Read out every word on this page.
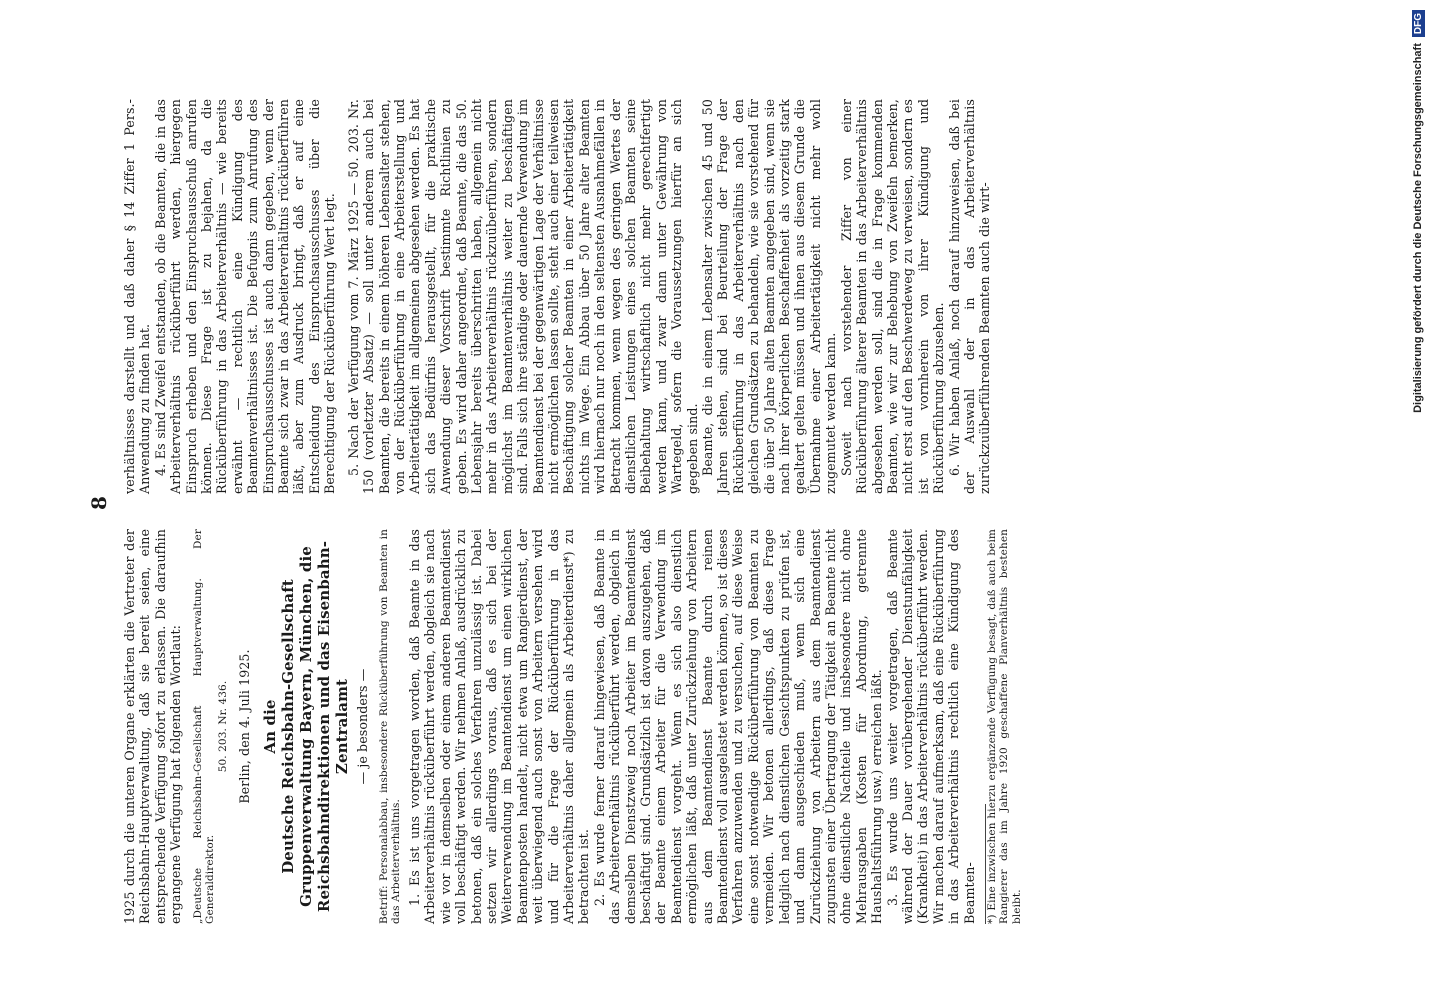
8

1925 durch die unteren Organe erklärten die Vertreter der Reichsbahn-Hauptverwaltung, daß sie bereit seien, eine entsprechende Verfügung sofort zu erlassen. Die daraufhin ergangene Verfügung hat folgenden Wortlaut: „Deutsche Reichsbahn-Gesellschaft Hauptverwaltung. Der Generaldirektor.

50. 203. Nr. 436. Berlin, den 4. Juli 1925. An die Deutsche Reichsbahn-Gesellschaft Gruppenverwaltung Bayern, München, die Reichsbahndirektionen und das Eisenbahn-Zentralamt — je besonders — Betriff: Personalabbau, insbesondere Rücküberführung von Beamten in das Arbeiterverhältnis. 1. Es ist uns vorgetragen worden, daß Beamte in das Arbeiterverhältnis rücküberführt werden, obgleich sie nach wie vor in demselben oder einem anderen Beamtendienst voll beschäftigt werden. Wir nehmen Anlaß, ausdrücklich zu betonen, daß ein solches Verfahren unzulässig ist. Dabei setzen wir allerdings voraus, daß es sich bei der Weiterverwendung im Beamtendienst um einen wirklichen Beamtenposten handelt, nicht etwa um Rangierdienst, der weit überwiegend auch sonst von Arbeitern versehen wird und für die Frage der Rücküberführung in das Arbeiterverhältnis daher allgemein als Arbeiterdienst*) zu betrachten ist. 2. Es wurde ferner darauf hingewiesen, daß Beamte in das Arbeiterverhältnis rücküberführt werden, obgleich in demselben Dienstzweig noch Arbeiter im Beamtendienst beschäftigt sind. Grundsätzlich ist davon auszugehen, daß der Beamte einem Arbeiter für die Verwendung im Beamtendienst vorgeht. Wenn es sich also dienstlich ermöglichen läßt, daß unter Zurückziehung von Arbeitern aus dem Beamtendienst Beamte durch reinen Beamtendienst voll ausgelastet werden können, so ist dieses Verfahren anzuwenden und zu versuchen, auf diese Weise eine sonst notwendige Rücküberführung von Beamten zu vermeiden. Wir betonen allerdings, daß diese Frage lediglich nach dienstlichen Gesichtspunkten zu prüfen ist, und dann ausgeschieden muß, wenn sich eine Zurückziehung von Arbeitern aus dem Beamtendienst zugunsten einer Übertragung der Tätigkeit an Beamte nicht ohne dienstliche Nachteile und insbesondere nicht ohne Mehrausgaben (Kosten für Abordnung, getrennte Haushaltsführung usw.) erreichen läßt. 3. Es wurde uns weiter vorgetragen, daß Beamte während der Dauer vorübergehender Dienstunfähigkeit (Krankheit) in das Arbeiterverhältnis rücküberführt werden. Wir machen darauf aufmerksam, daß eine Rücküberführung in das Arbeiterverhältnis rechtlich eine Kündigung des Beamten- *) Eine inzwischen hierzu ergänzende Verfügung besagt, daß auch beim Rangierer das im Jahre 1920 geschaffene Planverhältnis bestehen bleibt.

verhältnisses darstellt und daß daher § 14 Ziffer 1 Pers.-Anwendung zu finden hat. 4. Es sind Zweifel entstanden, ob die Beamten, die in das Arbeiterverhältnis rücküberführt werden, hiergegen Einspruch erheben und den Einspruchsausschuß anrufen können. Diese Frage ist zu bejahen, da die Rücküberführung in das Arbeiterverhältnis — wie bereits erwähnt — rechtlich eine Kündigung des Beamtenverhältnisses ist. Die Befugnis zum Anrufung des Einspruchsausschusses ist auch dann gegeben, wenn der Beamte sich zwar in das Arbeiterverhältnis rücküberführen läßt, aber zum Ausdruck bringt, daß er auf eine Entscheidung des Einspruchsausschusses über die Berechtigung der Rücküberführung Wert legt. 5. Nach der Verfügung vom 7. März 1925 — 50. 203. Nr. 150 (vorletzter Absatz) — soll unter anderem auch bei Beamten, die bereits in einem höheren Lebensalter stehen, von der Rücküberführung in eine Arbeiterstellung und Arbeitertätigkeit im allgemeinen abgesehen werden. Es hat sich das Bedürfnis herausgestellt, für die praktische Anwendung dieser Vorschrift bestimmte Richtlinien zu geben. Es wird daher angeordnet, daß Beamte, die das 50. Lebensjahr bereits überschritten haben, allgemein nicht mehr in das Arbeiterverhältnis rückzuüberführen, sondern möglichst im Beamtenverhältnis weiter zu beschäftigen sind. Falls sich ihre ständige oder dauernde Verwendung im Beamtendienst bei der gegenwärtigen Lage der Verhältnisse nicht ermöglichen lassen sollte, steht auch einer teilweisen Beschäftigung solcher Beamten in einer Arbeitertätigkeit nichts im Wege. Ein Abbau über 50 Jahre alter Beamten wird hiernach nur noch in den seltensten Ausnahmefällen in Betracht kommen, wenn wegen des geringen Wertes der dienstlichen Leistungen eines solchen Beamten seine Beibehaltung wirtschaftlich nicht mehr gerechtfertigt werden kann, und zwar dann unter Gewährung von Wartegeld, sofern die Voraussetzungen hierfür an sich gegeben sind. Beamte, die in einem Lebensalter zwischen 45 und 50 Jahren stehen, sind bei Beurteilung der Frage der Rücküberführung in das Arbeiterverhältnis nach den gleichen Grundsätzen zu behandeln, wie sie vorstehend für die über 50 Jahre alten Beamten angegeben sind, wenn sie nach ihrer körperlichen Beschaffenheit als vorzeitig stark gealtert gelten müssen und ihnen aus diesem Grunde die Übernahme einer Arbeitertätigkeit nicht mehr wohl zugemutet werden kann. Soweit nach vorstehender Ziffer von einer Rücküberführung älterer Beamten in das Arbeiterverhältnis abgesehen werden soll, sind die in Frage kommenden Beamten, wie wir zur Behebung von Zweifeln bemerken, nicht erst auf den Beschwerdeweg zu verweisen, sondern es ist von vornherein von ihrer Kündigung und Rücküberführung abzusehen. 6. Wir haben Anlaß, noch darauf hinzuweisen, daß bei der Auswahl der in das Arbeiterverhältnis zurückzuüberführenden Beamten auch die wirt-	Digitalisierung gefördert durch die Deutsche Forschungsgemeinschaft
DFG
